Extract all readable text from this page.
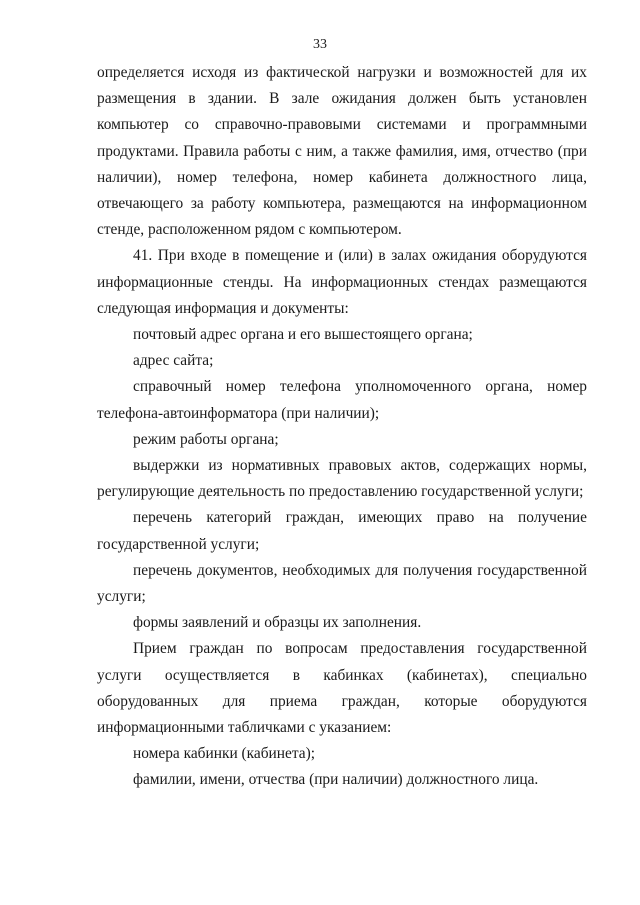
33

определяется исходя из фактической нагрузки и возможностей для их размещения в здании. В зале ожидания должен быть установлен компьютер со справочно-правовыми системами и программными продуктами. Правила работы с ним, а также фамилия, имя, отчество (при наличии), номер телефона, номер кабинета должностного лица, отвечающего за работу компьютера, размещаются на информационном стенде, расположенном рядом с компьютером.

41. При входе в помещение и (или) в залах ожидания оборудуются информационные стенды. На информационных стендах размещаются следующая информация и документы:

почтовый адрес органа и его вышестоящего органа;

адрес сайта;

справочный номер телефона уполномоченного органа, номер телефона-автоинформатора (при наличии);

режим работы органа;

выдержки из нормативных правовых актов, содержащих нормы, регулирующие деятельность по предоставлению государственной услуги;

перечень категорий граждан, имеющих право на получение государственной услуги;

перечень документов, необходимых для получения государственной услуги;

формы заявлений и образцы их заполнения.

Прием граждан по вопросам предоставления государственной услуги осуществляется в кабинках (кабинетах), специально оборудованных для приема граждан, которые оборудуются информационными табличками с указанием:

номера кабинки (кабинета);

фамилии, имени, отчества (при наличии) должностного лица.
